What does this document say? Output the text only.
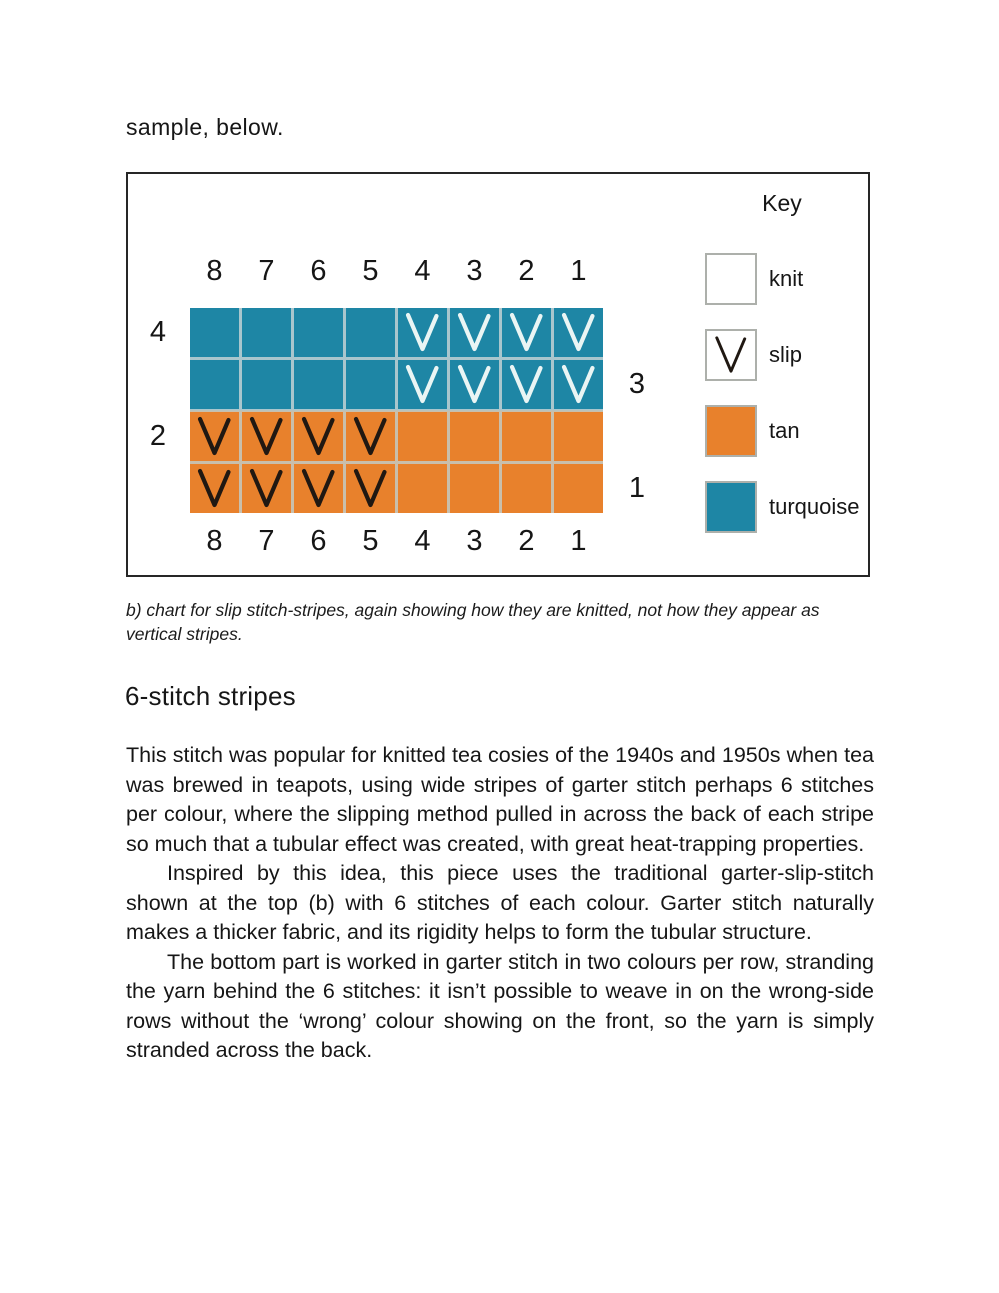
sample, below.

Key
8	7	6	5	4	3	2	1
8	7	6	5	4	3	2	1
knit
slip
tan
turquoise
4
3
2
1

b) chart for slip stitch-stripes, again showing how they are knitted, not how they appear as vertical stripes.

6-stitch stripes

This stitch was popular for knitted tea cosies of the 1940s and 1950s when tea was brewed in teapots, using wide stripes of garter stitch perhaps 6 stitches per colour, where the slipping method pulled in across the back of each stripe so much that a tubular effect was created, with great heat-trapping properties.

Inspired by this idea, this piece uses the traditional garter-slip-stitch shown at the top (b) with 6 stitches of each colour. Garter stitch naturally makes a thicker fabric, and its rigidity helps to form the tubular structure.

The bottom part is worked in garter stitch in two colours per row, stranding the yarn behind the 6 stitches: it isn’t possible to weave in on the wrong-side rows without the ‘wrong’ colour showing on the front, so the yarn is simply stranded across the back.
